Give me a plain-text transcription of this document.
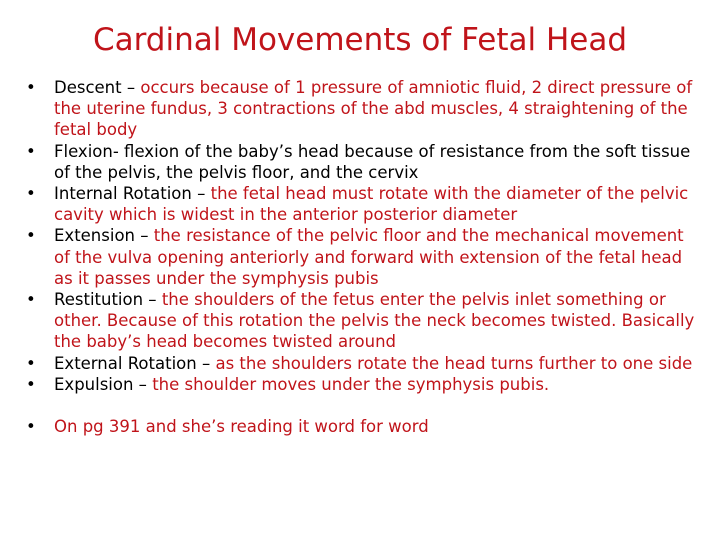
Cardinal Movements of Fetal Head
•	Descent – occurs because of 1 pressure of amniotic fluid, 2 direct pressure of the uterine fundus, 3 contractions of the abd muscles, 4 straightening of the fetal body
•	Flexion- flexion of the baby’s head because of resistance from the soft tissue of the pelvis, the pelvis floor, and the cervix
•	Internal Rotation – the fetal head must rotate with the diameter of the pelvic cavity which is widest in the anterior posterior diameter
•	Extension – the resistance of the pelvic floor and the mechanical movement of the vulva opening anteriorly and forward with extension of the fetal head as it passes under the symphysis pubis
•	Restitution – the shoulders of the fetus enter the pelvis inlet something or other. Because of this rotation the pelvis the neck becomes twisted. Basically the baby’s head becomes twisted around
•	External Rotation – as the shoulders rotate the head turns further to one side
•	Expulsion – the shoulder moves under the symphysis pubis.
•	On pg 391 and she’s reading it word for word
